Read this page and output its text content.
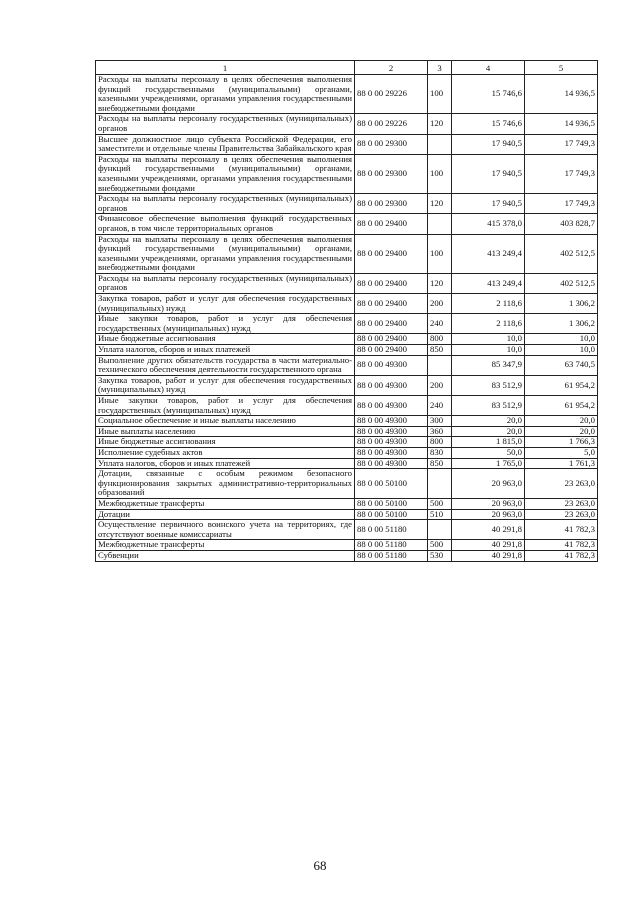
1	2	3	4	5
Расходы на выплаты персоналу в целях обеспечения выполнения функций государственными (муниципальными) органами, казенными учреждениями, органами управления государственными внебюджетными фондами	88 0 00 29226	100	15 746,6	14 936,5
Расходы на выплаты персоналу государственных (муниципальных) органов	88 0 00 29226	120	15 746,6	14 936,5
Высшее должностное лицо субъекта Российской Федерации, его заместители и отдельные члены Правительства Забайкальского края	88 0 00 29300		17 940,5	17 749,3
Расходы на выплаты персоналу в целях обеспечения выполнения функций государственными (муниципальными) органами, казенными учреждениями, органами управления государственными внебюджетными фондами	88 0 00 29300	100	17 940,5	17 749,3
Расходы на выплаты персоналу государственных (муниципальных) органов	88 0 00 29300	120	17 940,5	17 749,3
Финансовое обеспечение выполнения функций государственных органов, в том числе территориальных органов	88 0 00 29400		415 378,0	403 828,7
Расходы на выплаты персоналу в целях обеспечения выполнения функций государственными (муниципальными) органами, казенными учреждениями, органами управления государственными внебюджетными фондами	88 0 00 29400	100	413 249,4	402 512,5
Расходы на выплаты персоналу государственных (муниципальных) органов	88 0 00 29400	120	413 249,4	402 512,5
Закупка товаров, работ и услуг для обеспечения государственных (муниципальных) нужд	88 0 00 29400	200	2 118,6	1 306,2
Иные закупки товаров, работ и услуг для обеспечения государственных (муниципальных) нужд	88 0 00 29400	240	2 118,6	1 306,2
Иные бюджетные ассигнования	88 0 00 29400	800	10,0	10,0
Уплата налогов, сборов и иных платежей	88 0 00 29400	850	10,0	10,0
Выполнение других обязательств государства в части материально-технического обеспечения деятельности государственного органа	88 0 00 49300		85 347,9	63 740,5
Закупка товаров, работ и услуг для обеспечения государственных (муниципальных) нужд	88 0 00 49300	200	83 512,9	61 954,2
Иные закупки товаров, работ и услуг для обеспечения государственных (муниципальных) нужд	88 0 00 49300	240	83 512,9	61 954,2
Социальное обеспечение и иные выплаты населению	88 0 00 49300	300	20,0	20,0
Иные выплаты населению	88 0 00 49300	360	20,0	20,0
Иные бюджетные ассигнования	88 0 00 49300	800	1 815,0	1 766,3
Исполнение судебных актов	88 0 00 49300	830	50,0	5,0
Уплата налогов, сборов и иных платежей	88 0 00 49300	850	1 765,0	1 761,3
Дотации, связанные с особым режимом безопасного функционирования закрытых административно-территориальных образований	88 0 00 50100		20 963,0	23 263,0
Межбюджетные трансферты	88 0 00 50100	500	20 963,0	23 263,0
Дотации	88 0 00 50100	510	20 963,0	23 263,0
Осуществление первичного воинского учета на территориях, где отсутствуют военные комиссариаты	88 0 00 51180		40 291,8	41 782,3
Межбюджетные трансферты	88 0 00 51180	500	40 291,8	41 782,3
Субвенции	88 0 00 51180	530	40 291,8	41 782,3
68
